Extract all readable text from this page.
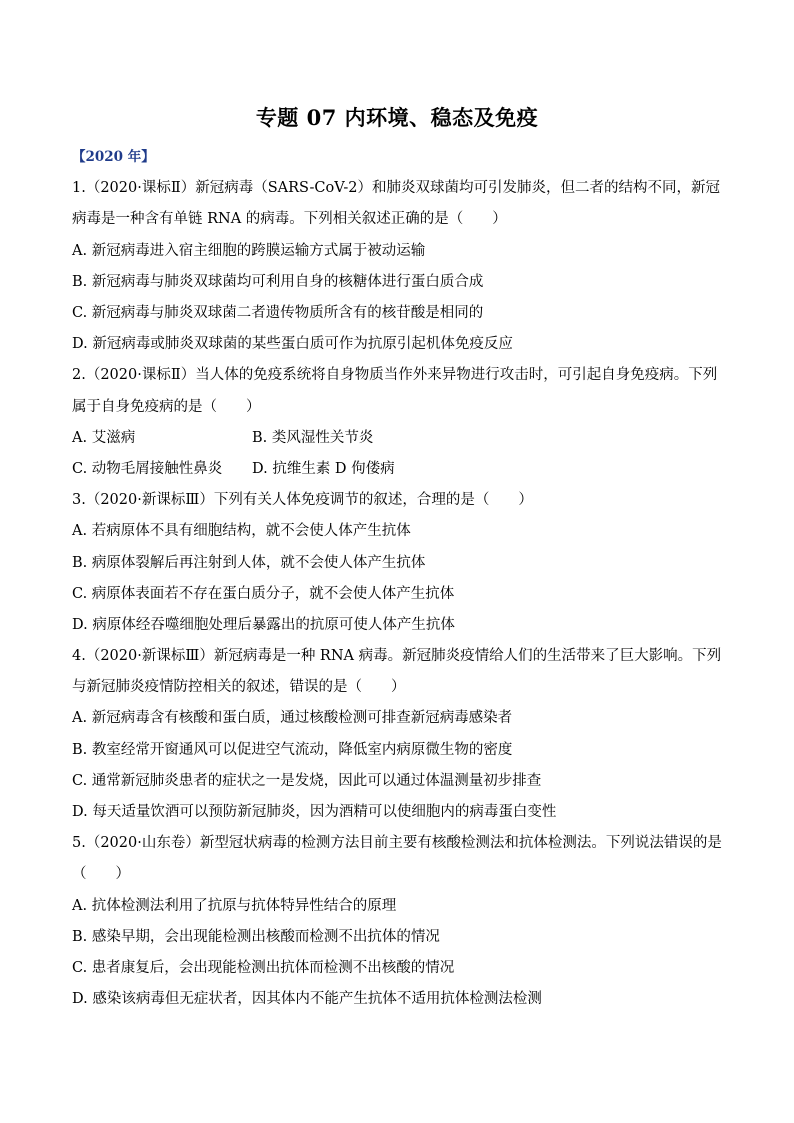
专题 07 内环境、稳态及免疫
【2020 年】
1.（2020·课标Ⅱ）新冠病毒（SARS-CoV-2）和肺炎双球菌均可引发肺炎，但二者的结构不同，新冠病毒是一种含有单链 RNA 的病毒。下列相关叙述正确的是（　　）
A. 新冠病毒进入宿主细胞的跨膜运输方式属于被动运输
B. 新冠病毒与肺炎双球菌均可利用自身的核糖体进行蛋白质合成
C. 新冠病毒与肺炎双球菌二者遗传物质所含有的核苷酸是相同的
D. 新冠病毒或肺炎双球菌的某些蛋白质可作为抗原引起机体免疫反应
2.（2020·课标Ⅱ）当人体的免疫系统将自身物质当作外来异物进行攻击时，可引起自身免疫病。下列属于自身免疫病的是（　　）
A. 艾滋病	B. 类风湿性关节炎
C. 动物毛屑接触性鼻炎	D. 抗维生素 D 佝偻病
3.（2020·新课标Ⅲ）下列有关人体免疫调节的叙述，合理的是（　　）
A. 若病原体不具有细胞结构，就不会使人体产生抗体
B. 病原体裂解后再注射到人体，就不会使人体产生抗体
C. 病原体表面若不存在蛋白质分子，就不会使人体产生抗体
D. 病原体经吞噬细胞处理后暴露出的抗原可使人体产生抗体
4.（2020·新课标Ⅲ）新冠病毒是一种 RNA 病毒。新冠肺炎疫情给人们的生活带来了巨大影响。下列与新冠肺炎疫情防控相关的叙述，错误的是（　　）
A. 新冠病毒含有核酸和蛋白质，通过核酸检测可排查新冠病毒感染者
B. 教室经常开窗通风可以促进空气流动，降低室内病原微生物的密度
C. 通常新冠肺炎患者的症状之一是发烧，因此可以通过体温测量初步排查
D. 每天适量饮酒可以预防新冠肺炎，因为酒精可以使细胞内的病毒蛋白变性
5.（2020·山东卷）新型冠状病毒的检测方法目前主要有核酸检测法和抗体检测法。下列说法错误的是（　　）
A. 抗体检测法利用了抗原与抗体特异性结合的原理
B. 感染早期，会出现能检测出核酸而检测不出抗体的情况
C. 患者康复后，会出现能检测出抗体而检测不出核酸的情况
D. 感染该病毒但无症状者，因其体内不能产生抗体不适用抗体检测法检测
